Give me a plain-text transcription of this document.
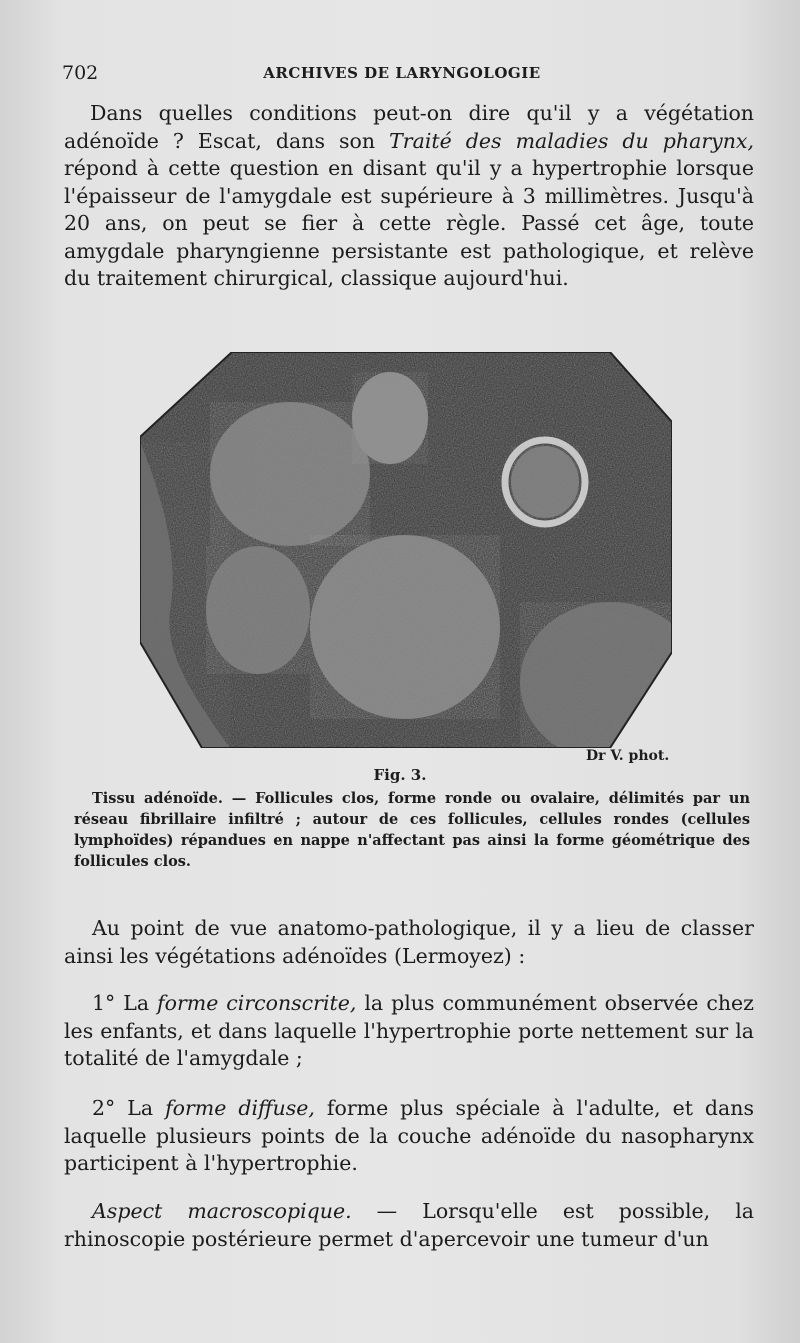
702	ARCHIVES DE LARYNGOLOGIE

Dans quelles conditions peut-on dire qu'il y a végétation adénoïde ? Escat, dans son Traité des maladies du pharynx, répond à cette question en disant qu'il y a hypertrophie lorsque l'épaisseur de l'amygdale est supérieure à 3 millimètres. Jusqu'à 20 ans, on peut se fier à cette règle. Passé cet âge, toute amygdale pharyngienne persistante est pathologique, et relève du traitement chirurgical, classique aujourd'hui.

Dr V. phot.
Fig. 3.

Tissu adénoïde. — Follicules clos, forme ronde ou ovalaire, délimités par un réseau fibrillaire infiltré ; autour de ces follicules, cellules rondes (cellules lymphoïdes) répandues en nappe n'affectant pas ainsi la forme géométrique des follicules clos.

Au point de vue anatomo-pathologique, il y a lieu de classer ainsi les végétations adénoïdes (Lermoyez) :

1° La forme circonscrite, la plus communément observée chez les enfants, et dans laquelle l'hypertrophie porte nettement sur la totalité de l'amygdale ;

2° La forme diffuse, forme plus spéciale à l'adulte, et dans laquelle plusieurs points de la couche adénoïde du nasopharynx participent à l'hypertrophie.

Aspect macroscopique. — Lorsqu'elle est possible, la rhinoscopie postérieure permet d'apercevoir une tumeur d'un
